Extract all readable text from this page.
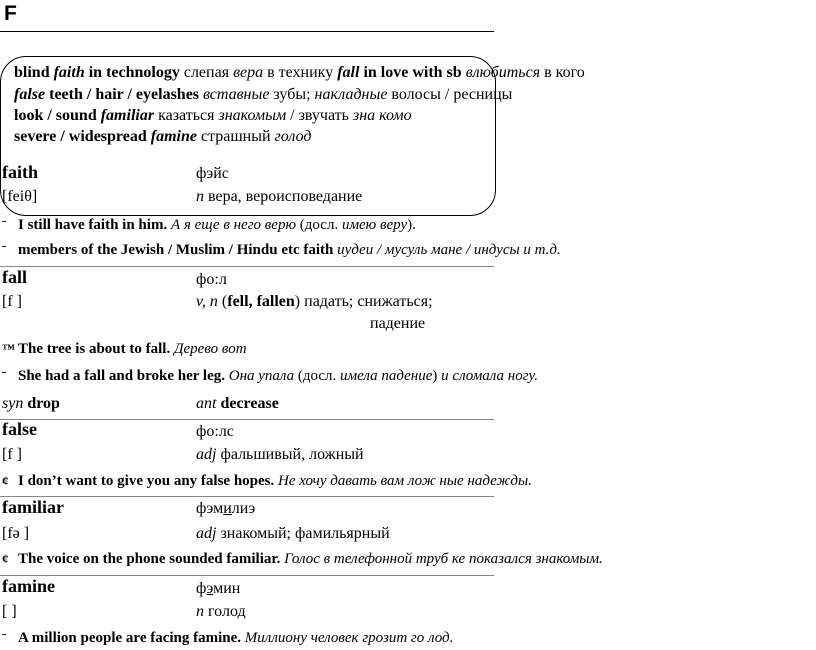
F
blind faith in technology слепая вера в технику fall in love with sb влюбиться в кого
false teeth / hair / eyelashes вставные зубы; накладные волосы / ресницы
look / sound familiar казаться знакомым / звучать зна комо
severe / widespread famine страшный голод
faith	фэйс
[feiθ]	n вера, вероисповедание
ˉ I still have faith in him. А я еще в него верю (досл. имею веру).
ˉ members of the Jewish / Muslim / Hindu etc faith иудеи / мусуль мане / индусы и т.д.
fall	фо:л
[f ]	v, n (fell, fallen) падать; снижаться;
падение
™ The tree is about to fall. Дерево вот
ˉ She had a fall and broke her leg. Она упала (досл. имела падение) и сломала ногу.
syn drop	ant decrease
false	фо:лс
[f ]	adj фальшивый, ложный
¢ I don’t want to give you any false hopes. Не хочу давать вам лож ные надежды.
familiar	фэмилиэ
[fə ]	adj знакомый; фамильярный
¢ The voice on the phone sounded familiar. Голос в телефонной труб ке показался знакомым.
famine	фэмин
[ ]	n голод
ˉ A million people are facing famine. Миллиону человек грозит го лод.
